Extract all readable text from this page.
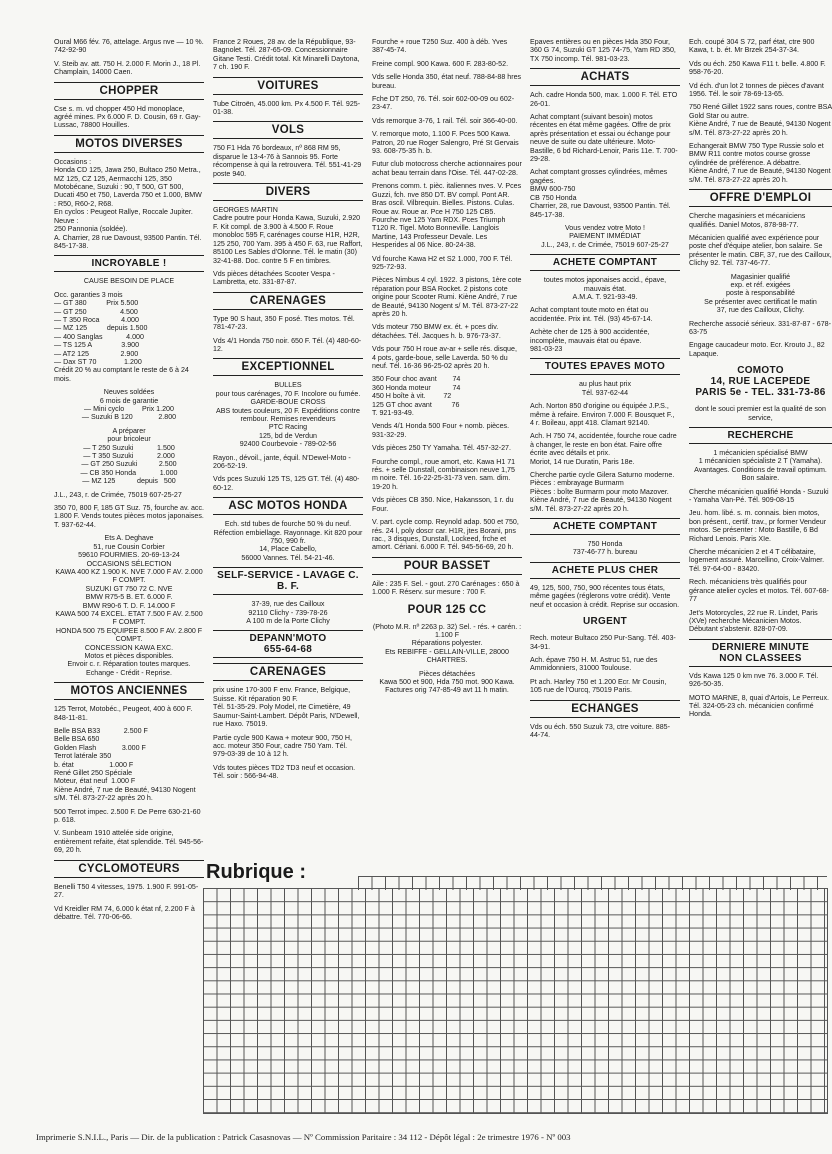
Oural M66 fév. 76, attelage. Argus nve — 10 %. 742-92-90
V. Steib av. att. 750 H. 2.000 F. Morin J., 18 Pl. Champlain, 14000 Caen.
CHOPPER
Cse s. m. vd chopper 450 Hd monoplace, agréé mines. Px 6.000 F. D. Cousin, 69 r. Gay-Lussac, 78800 Houilles.
MOTOS DIVERSES
Occasions :
Honda CD 125, Jawa 250, Bultaco 250 Metra., MZ 125, CZ 125, Aermacchi 125, 350 Motobécane, Suzuki : 90, T 500, GT 500,
Ducati 450 et 750, Laverda 750 et 1.000, BMW : R50, R60-2, R68.
En cyclos : Peugeot Rallye, Roccale Jupiter.
Neuve :
250 Pannonia (soldée).
A. Charrier, 28 rue Davoust, 93500 Pantin. Tél. 845-17-38.
INCROYABLE !
CAUSE BESOIN DE PLACE
Occ. garanties 3 mois
— GT 380          Prix 5.500
— GT 250                 4.500
— T 350 Roca           4.000
— MZ 125          depuis 1.500
— 400 Sanglas            4.000
— TS 125 A               3.900
— AT2 125                2.900
— Dax ST 70              1.200
Crédit 20 % au comptant le reste de 6 à 24 mois.
Neuves soldées
6 mois de garantie
— Mini cyclo         Prix 1.200
— Suzuki B 120             2.800
A préparer
pour bricoleur
— T 250 Suzuki            1.500
— T 350 Suzuki            2.000
— GT 250 Suzuki           2.500
— CB 350 Honda            1.000
— MZ 125           depuis   500
J.L., 243, r. de Crimée, 75019 607-25-27
350 70, 800 F, 185 GT Suz. 75, fourche av. acc. 1.800 F. Vends toutes pièces motos japonaises. T. 937-62-44.
Ets A. Deghave
51, rue Cousin Corbier
59610 FOURMIES. 20-69-13-24
OCCASIONS SÉLECTION
KAWA 400 KZ 1.900 K. NVE 7.000 F AV. 2.000 F COMPT.
SUZUKI GT 750 72 C. NVE
BMW R75-5 B. ET. 6.000 F.
BMW R90-6 T. D. F. 14.000 F
KAWA 500 74 EXCEL. ETAT 7.500 F AV. 2.500 F COMPT.
HONDA 500 75 EQUIPEE 8.500 F AV. 2.800 F COMPT.
CONCESSION KAWA EXC.
Motos et pièces disponibles.
Envoir c. r. Réparation toutes marques.
Echange - Crédit - Reprise.
MOTOS ANCIENNES
125 Terrot, Motobéc., Peugeot, 400 à 600 F. 848-11-81.
Belle BSA B33            2.500 F
Belle BSA 650
Golden Flash             3.000 F
Terrot latérale 350
b. état                  1.000 F
René Gillet 250 Spéciale
Moteur, état neuf  1.000 F
Kiène André, 7 rue de Beauté, 94130 Nogent s/M. Tél. 873-27-22 après 20 h.
500 Terrot impec. 2.500 F. De Perre 630-21-60 p. 618.
V. Sunbeam 1910 attelée side origine, entièrement refaite, état splendide. Tél. 945-56-69, 20 h.
CYCLOMOTEURS
Benelli T50 4 vitesses, 1975. 1.900 F. 991-05-27.
Vd Kreidler RM 74, 6.000 k état nf, 2.200 F à débattre. Tél. 770-06-66.
France 2 Roues, 28 av. de la République, 93-Bagnolet. Tél. 287-65-09. Concessionnaire Gitane Testi. Crédit total. Kit Minarelli Daytona, 7 ch. 190 F.
VOITURES
Tube Citroën, 45.000 km. Px 4.500 F. Tél. 925-01-38.
VOLS
750 F1 Hda 76 bordeaux, nº 868 RM 95, disparue le 13-4-76 à Sannois 95. Forte récompense à qui la retrouvera. Tél. 551-41-29 poste 940.
DIVERS
GEORGES MARTIN
Cadre poutre pour Honda Kawa, Suzuki, 2.920 F. Kit compl. de 3.900 à 4.500 F. Roue monobloc 595 F, carénages course H1R, H2R, 125 250, 700 Yam. 395 à 450 F. 63, rue Raffort, 85100 Les Sables d'Olonne. Tél. le matin (30) 32-41-88. Doc. contre 5 F en timbres.
Vds pièces détachées Scooter Vespa - Lambretta, etc. 331-87-87.
CARENAGES
Type 90 S haut, 350 F posé. Ttes motos. Tél. 781-47-23.
Vds 4/1 Honda 750 noir. 650 F. Tél. (4) 480-60-12.
EXCEPTIONNEL
BULLES
pour tous carénages, 70 F. Incolore ou fumée.
GARDE-BOUE CROSS
ABS toutes couleurs, 20 F. Expéditions contre rembour. Remises revendeurs
PTC Racing
125, bd de Verdun
92400 Courbevoie - 789-02-56
Rayon., dévoil., jante, équil. N'Dewel-Moto - 206-52-19.
Vds pces Suzuki 125 TS, 125 GT. Tél. (4) 480-60-12.
ASC MOTOS HONDA
Ech. std tubes de fourche 50 % du neuf. Réfection embiellage. Rayonnage. Kit 820 pour 750, 990 fr.
14, Place Cabello,
56000 Vannes. Tél. 54-21-46.
SELF-SERVICE - LAVAGE C. B. F.
37-39, rue des Cailloux
92110 Clichy - 739-78-26
A 100 m de la Porte Clichy
DEPANN'MOTO
655-64-68
CARENAGES
prix usine 170-300 F env. France, Belgique, Suisse. Kit réparation 90 F.
Tél. 51-35-29. Poly Model, rte Cimetière, 49 Saumur-Saint-Lambert. Dépôt Paris, N'Dewell, rue Haxo. 75019.
Partie cycle 900 Kawa + moteur 900, 750 H, acc. moteur 350 Four, cadre 750 Yam. Tél. 979-03-39 de 10 à 12 h.
Vds toutes pièces TD2 TD3 neuf et occasion.
Tél. soir : 566-94-48.
Fourche + roue T250 Suz. 400 à déb. Yves 387-45-74.
Freine compl. 900 Kawa. 600 F. 283-80-52.
Vds selle Honda 350, état neuf. 788-84-88 hres bureau.
Fche DT 250, 76. Tél. soir 602-00-09 ou 602-23-47.
Vds remorque 3-76, 1 rail. Tél. soir 366-40-00.
V. remorque moto, 1.100 F. Pces 500 Kawa. Patron, 20 rue Roger Salengro, Pré St Gervais 93. 608-75-35 h. b.
Futur club motocross cherche actionnaires pour achat beau terrain dans l'Oise. Tél. 447-02-28.
Prenons comm. t. pièc. italiennes nves. V. Pces Guzzi, fch. nve 850 DT. BV compl. Pont AR. Bras oscil. Vilbrequin. Bielles. Pistons. Culas. Roue av. Roue ar. Pce H 750 125 CB5. Fourche nve 125 Yam RDX. Pces Triumph T120 R. Tigel. Moto Bonneville. Langlois Martine, 143 Professeur Devale. Les Hesperides al 06 Nice. 80-24-38.
Vd fourche Kawa H2 et S2 1.000, 700 F. Tél. 925-72-93.
Pièces Nimbus 4 cyl. 1922. 3 pistons, 1ère cote réparation pour BSA Rocket. 2 pistons cote origine pour Scooter Rumi. Kiène André, 7 rue de Beauté, 94130 Nogent s/ M. Tél. 873-27-22 après 20 h.
Vds moteur 750 BMW ex. ét. + pces div. détachées. Tél. Jacques h. b. 976-73-37.
Vds pour 750 H roue av-ar + selle rés. disque, 4 pots, garde-boue, selle Laverda. 50 % du neuf. Tél. 16-36 96-25-02 après 20 h.
350 Four choc avant        74
360 Honda moteur           74
450 H boîte à vit.         72
125 GT choc avant          76
T. 921-93-49.
Vends 4/1 Honda 500 Four + nomb. pièces. 931-32-29.
Vds pièces 250 TY Yamaha. Tél. 457-32-27.
Fourche compl., roue amort, etc. Kawa H1 71 rés. + selle Dunstall, combinaison neuve 1,75 m noire. Tél. 16-22-25-31-73 ven. sam. dim. 19-20 h.
Vds pièces CB 350. Nice, Hakansson, 1 r. du Four.
V. part. cycle comp. Reynold adap. 500 et 750, rés. 24 l, poly doscr car. H1R, jtes Borani, pns rac., 3 disques, Dunstall, Lockeed, frche et amort. Cériani. 6.000 F. Tél. 945-56-69, 20 h.
POUR BASSET
Aile : 235 F. Sel. - gout. 270 Carénages : 650 à 1.000 F. Réserv. sur mesure : 700 F.
POUR 125 CC
(Photo M.R. nº 2263 p. 32) Sel. - rés. + carén. : 1.100 F
Réparations polyester.
Ets REBIFFE - GELLAIN-VILLE, 28000 CHARTRES.
Pièces détachées
Kawa 500 et 900, Hda 750 mot. 900 Kawa. Factures orig 747-85-49 avt 11 h matin.
Epaves entières ou en pièces Hda 350 Four, 360 G 74, Suzuki GT 125 74-75, Yam RD 350, TX 750 incomp. Tél. 981-03-23.
ACHATS
Ach. cadre Honda 500, max. 1.000 F. Tél. ETO 26-01.
Achat comptant (suivant besoin) motos récentes en état même gagées. Offre de prix après présentation et essai ou échange pour neuve de suite ou date ultérieure. Moto-Bastille, 6 bd Richard-Lenoir, Paris 11e. T. 700-29-28.
Achat comptant grosses cylindrées, mêmes gagées.
BMW 600-750
CB 750 Honda
Charrier, 28, rue Davoust, 93500 Pantin. Tél. 845-17-38.
Vous vendez votre Moto !
PAIEMENT IMMÉDIAT
J.L., 243, r. de Crimée, 75019 607-25-27
ACHETE COMPTANT
toutes motos japonaises accid., épave, mauvais état.
A.M.A. T. 921-93-49.
Achat comptant toute moto en état ou accidentée. Prix int. Tél. (93) 45-67-14.
Achète cher de 125 à 900 accidentée, incomplète, mauvais état ou épave.
981-03-23
TOUTES EPAVES MOTO
au plus haut prix
Tél. 937-62-44
Ach. Norton 850 d'origine ou équipée J.P.S., même à refaire. Environ 7.000 F. Bousquet F., 4 r. Boileau, appt 418. Clamart 92140.
Ach. H 750 74, accidentée, fourche roue cadre à changer, le reste en bon état. Faire offre écrite avec détails et prix.
Moriot, 14 rue Duratin, Paris 18e.
Cherche partie cycle Gilera Saturno moderne.
Pièces : embrayage Burmarm
Pièces : boîte Burmarm pour moto Mazover.
Kiène André, 7 rue de Beauté, 94130 Nogent s/M. Tél. 873-27-22 après 20 h.
ACHETE COMPTANT
750 Honda
737-46-77 h. bureau
ACHETE PLUS CHER
49, 125, 500, 750, 900 récentes tous états, même gagées (réglerons votre crédit). Vente neuf et occasion à crédit. Reprise sur occasion.
URGENT
Rech. moteur Bultaco 250 Pur-Sang. Tél. 403-34-91.
Ach. épave 750 H. M. Astruc 51, rue des Ammidonniers, 31000 Toulouse.
Pt ach. Harley 750 et 1.200 Ecr. Mr Cousin, 105 rue de l'Ourcq, 75019 Paris.
ECHANGES
Vds ou éch. 550 Suzuk 73, ctre voiture. 885-44-74.
Ech. coupé 304 S 72, parf état, ctre 900 Kawa, t. b. ét. Mr Brzek 254-37-34.
Vds ou éch. 250 Kawa F11 t. belle. 4.800 F. 958-76-20.
Vd éch. d'un lot 2 tonnes de pièces d'avant 1956. Tél. le soir 78-69-13-65.
750 René Gillet 1922 sans roues, contre BSA Gold Star ou autre.
Kiène André, 7 rue de Beauté, 94130 Nogent s/M. Tél. 873-27-22 après 20 h.
Echangerait BMW 750 Type Russie solo et BMW R11 contre motos course grosse cylindrée de préférence. A débattre.
Kiène André, 7 rue de Beauté, 94130 Nogent s/M. Tél. 873-27-22 après 20 h.
OFFRE D'EMPLOI
Cherche magasiniers et mécaniciens qualifiés. Daniel Motos, 878-98-77.
Mécanicien qualifié avec expérience pour poste chef d'équipe atelier, bon salaire. Se présenter le matin. CBF, 37, rue des Cailloux, Clichy 92. Tél. 737-46-77.
Magasinier qualifié
exp. et réf. exigées
poste à responsabilité
Se présenter avec certificat le matin
37, rue des Cailloux, Clichy.
Recherche associé sérieux. 331-87-87 - 678-63-75
Engage caucadeur moto. Ecr. Krouto J., 82 Lapaque.
COMOTO
14, RUE LACEPEDE
PARIS 5e - TEL. 331-73-86
dont le souci premier est la qualité de son service,
RECHERCHE
1 mécanicien spécialisé BMW
1 mécanicien spécialiste 2 T (Yamaha). Avantages. Conditions de travail optimum.
Bon salaire.
Cherche mécanicien qualifié Honda - Suzuki - Yamaha Van-Pé. Tél. 909-08-15
Jeu. hom. libé. s. m. connais. bien motos, bon présent., certif. trav., pr former Vendeur motos. Se présenter : Moto Bastille, 6 Bd Richard Lenois. Paris XIe.
Cherche mécanicien 2 et 4 T célibataire, logement assuré. Marcellino, Croix-Valmer. Tél. 97-64-00 - 83420.
Rech. mécaniciens très qualifiés pour gérance atelier cycles et motos. Tél. 607-68-77
Jet's Motorcycles, 22 rue R. Lindet, Paris (XVe) recherche Mécanicien Motos. Débutant s'abstenir. 828-07-09.
DERNIERE MINUTE
NON CLASSEES
Vds Kawa 125 0 km nve 76. 3.000 F. Tél. 926-50-35.
MOTO MARNE, 8, quai d'Artois, Le Perreux. Tél. 324-05-23 ch. mécanicien confirmé Honda.
Rubrique :
Imprimerie S.N.I.L., Paris — Dir. de la publication : Patrick Casasnovas — Nº Commission Paritaire : 34 112 - Dépôt légal : 2e trimestre 1976 - Nº 003
